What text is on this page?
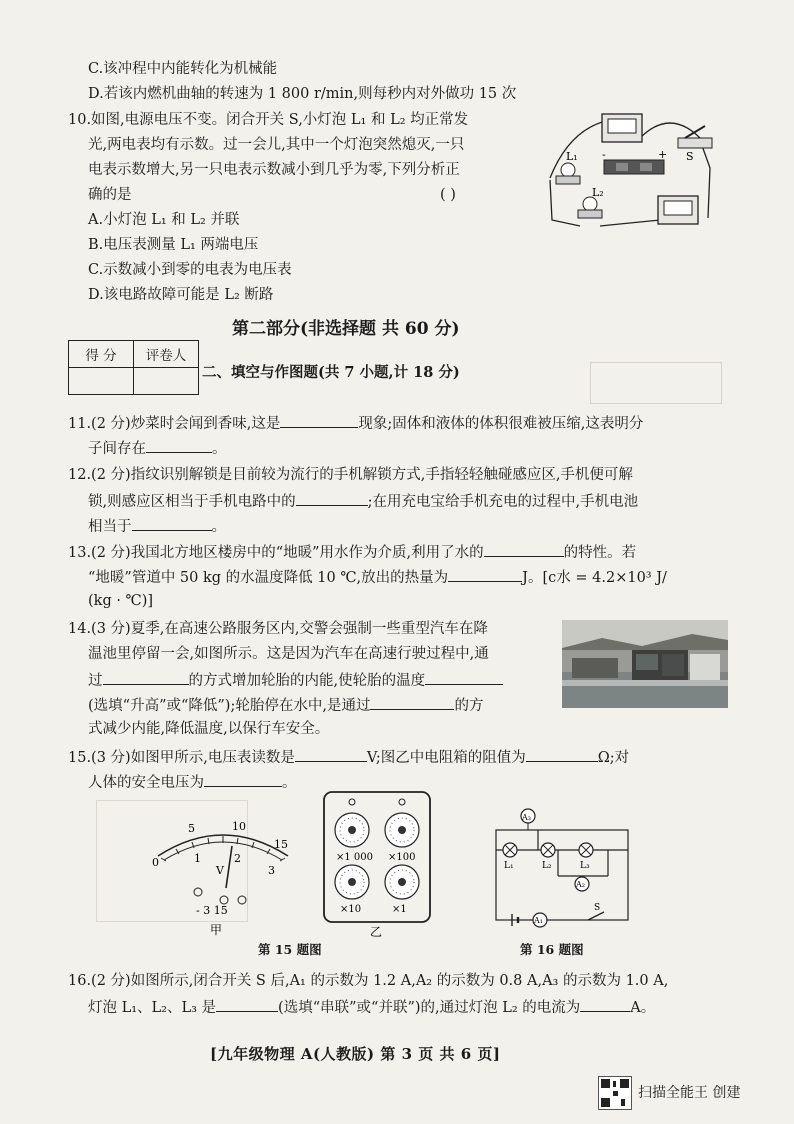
C.该冲程中内能转化为机械能
D.若该内燃机曲轴的转速为 1 800 r/min,则每秒内对外做功 15 次
10.如图,电源电压不变。闭合开关 S,小灯泡 L₁ 和 L₂ 均正常发
光,两电表均有示数。过一会儿,其中一个灯泡突然熄灭,一只
电表示数增大,另一只电表示数减小到几乎为零,下列分析正
确的是	( )
A.小灯泡 L₁ 和 L₂ 并联
B.电压表测量 L₁ 两端电压
C.示数减小到零的电表为电压表
D.该电路故障可能是 L₂ 断路
L₁
L₂
S
-	+
第二部分(非选择题 共 60 分)
得 分	评卷人

二、填空与作图题(共 7 小题,计 18 分)
11.(2 分)炒菜时会闻到香味,这是	现象;固体和液体的体积很难被压缩,这表明分
子间存在	。
12.(2 分)指纹识别解锁是目前较为流行的手机解锁方式,手指轻轻触碰感应区,手机便可解
锁,则感应区相当于手机电路中的	;在用充电宝给手机充电的过程中,手机电池
相当于	。
13.(2 分)我国北方地区楼房中的“地暖”用水作为介质,利用了水的	的特性。若
“地暖”管道中 50 kg 的水温度降低 10 ℃,放出的热量为	J。[c水 = 4.2×10³ J/
(kg · ℃)]
14.(3 分)夏季,在高速公路服务区内,交警会强制一些重型汽车在降
温池里停留一会,如图所示。这是因为汽车在高速行驶过程中,通
过	的方式增加轮胎的内能,使轮胎的温度
(选填“升高”或“降低”);轮胎停在水中,是通过	的方
式减少内能,降低温度,以保行车安全。
15.(3 分)如图甲所示,电压表读数是	V;图乙中电阻箱的阻值为	Ω;对
人体的安全电压为	。
5	10
15
0	1	2
3
V
- 3 15
甲
×1 000 ×100
×10	×1
乙
第 15 题图
A₃
L₁	L₂	L₃
A₂
A₁
S
第 16 题图
16.(2 分)如图所示,闭合开关 S 后,A₁ 的示数为 1.2 A,A₂ 的示数为 0.8 A,A₃ 的示数为 1.0 A,
灯泡 L₁、L₂、L₃ 是	(选填“串联”或“并联”)的,通过灯泡 L₂ 的电流为	A。
[九年级物理 A(人教版) 第 3 页 共 6 页]
扫描全能王 创建
